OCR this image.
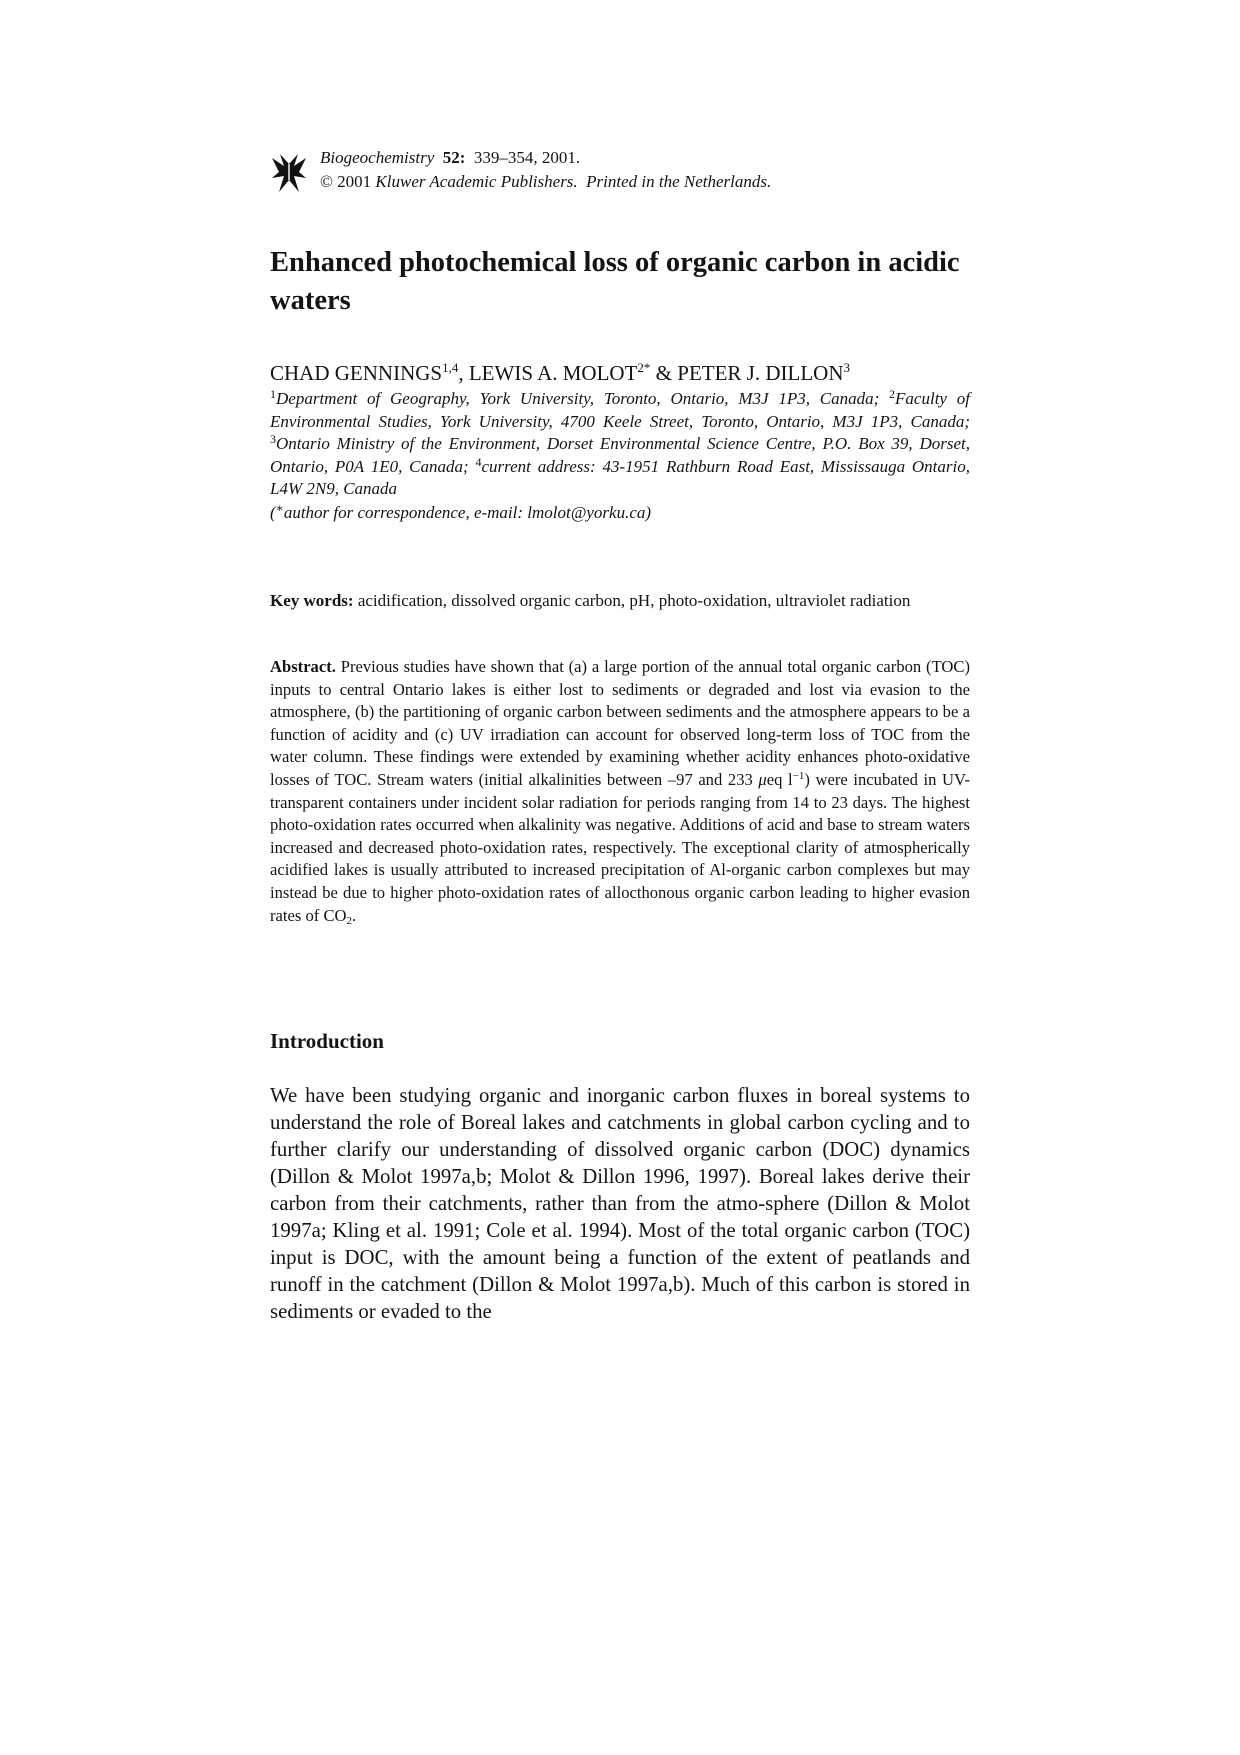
Biogeochemistry 52: 339–354, 2001.
© 2001 Kluwer Academic Publishers. Printed in the Netherlands.
Enhanced photochemical loss of organic carbon in acidic waters
CHAD GENNINGS$^{1,4}$, LEWIS A. $MOLOT^{2*}$ & PETER J. DILLON$^3$
$^1$Department of Geography, York University, Toronto, Ontario, M3J 1P3, Canada; $^2$Faculty of Environmental Studies, York University, 4700 Keele Street, Toronto, Ontario, M3J 1P3, Canada; $^3$Ontario Ministry of the Environment, Dorset Environmental Science Centre, P.O. Box 39, Dorset, Ontario, P0A 1E0, Canada; $^4$current address: 43-1951 Rathburn Road East, Mississauga Ontario, L4W 2N9, Canada
(∗author for correspondence, e-mail: lmolot@yorku.ca)
Key words: acidification, dissolved organic carbon, pH, photo-oxidation, ultraviolet radiation

Abstract. Previous studies have shown that (a) a large portion of the annual total organic carbon (TOC) inputs to central Ontario lakes is either lost to sediments or degraded and lost via evasion to the atmosphere, (b) the partitioning of organic carbon between sediments and the atmosphere appears to be a function of acidity and (c) UV irradiation can account for observed long-term loss of TOC from the water column. These findings were extended by examining whether acidity enhances photo-oxidative losses of TOC. Stream waters (initial alkalinities between –97 and 233 μeq $l^{-1}$) were incubated in UV-transparent containers under incident solar radiation for periods ranging from 14 to 23 days. The highest photo-oxidation rates occurred when alkalinity was negative. Additions of acid and base to stream waters increased and decreased photo-oxidation rates, respectively. The exceptional clarity of atmospherically acidified lakes is usually attributed to increased precipitation of Al-organic carbon complexes but may instead be due to higher photo-oxidation rates of allocthonous organic carbon leading to higher evasion rates of $CO_2$.

Introduction

We have been studying organic and inorganic carbon fluxes in boreal systems to understand the role of Boreal lakes and catchments in global carbon cycling and to further clarify our understanding of dissolved organic carbon (DOC) dynamics (Dillon & Molot 1997a,b; Molot & Dillon 1996, 1997). Boreal lakes derive their carbon from their catchments, rather than from the atmo-sphere (Dillon & Molot 1997a; Kling et al. 1991; Cole et al. 1994). Most of the total organic carbon (TOC) input is DOC, with the amount being a function of the extent of peatlands and runoff in the catchment (Dillon & Molot 1997a,b). Much of this carbon is stored in sediments or evaded to the
